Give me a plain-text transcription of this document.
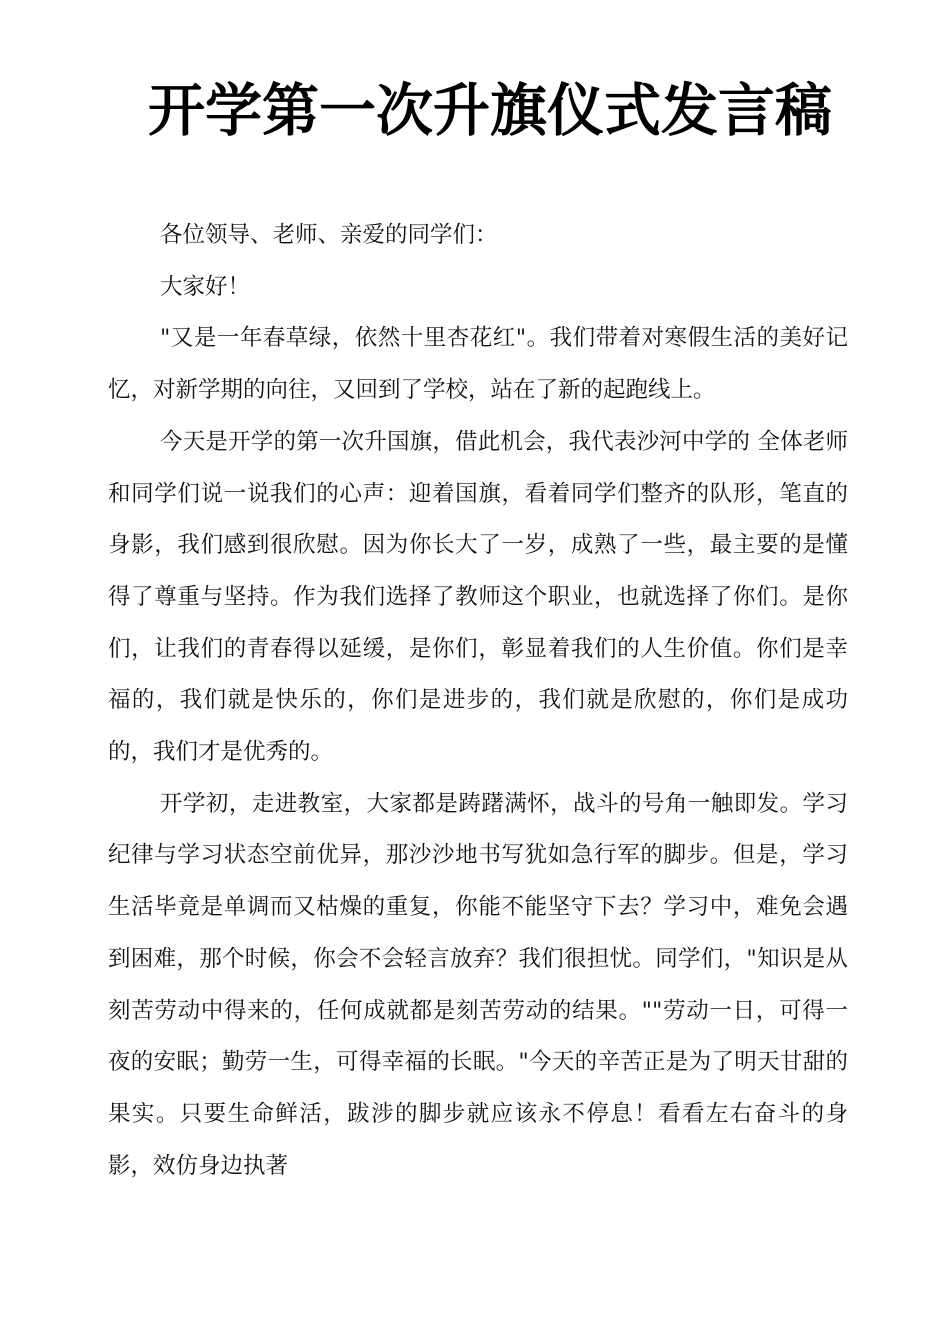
开学第一次升旗仪式发言稿

各位领导、老师、亲爱的同学们：

大家好！

"又是一年春草绿，依然十里杏花红"。我们带着对寒假生活的美好记忆，对新学期的向往，又回到了学校，站在了新的起跑线上。

今天是开学的第一次升国旗，借此机会，我代表沙河中学的 全体老师和同学们说一说我们的心声：迎着国旗，看着同学们整齐的队形，笔直的身影，我们感到很欣慰。因为你长大了一岁，成熟了一些，最主要的是懂得了尊重与坚持。作为我们选择了教师这个职业，也就选择了你们。是你们，让我们的青春得以延缓，是你们，彰显着我们的人生价值。你们是幸福的，我们就是快乐的，你们是进步的，我们就是欣慰的，你们是成功的，我们才是优秀的。

开学初，走进教室，大家都是踌躇满怀，战斗的号角一触即发。学习纪律与学习状态空前优异，那沙沙地书写犹如急行军的脚步。但是，学习生活毕竟是单调而又枯燥的重复，你能不能坚守下去？学习中，难免会遇到困难，那个时候，你会不会轻言放弃？我们很担忧。同学们，"知识是从刻苦劳动中得来的，任何成就都是刻苦劳动的结果。""劳动一日，可得一夜的安眠；勤劳一生，可得幸福的长眠。"今天的辛苦正是为了明天甘甜的果实。只要生命鲜活，跋涉的脚步就应该永不停息！看看左右奋斗的身影，效仿身边执著
